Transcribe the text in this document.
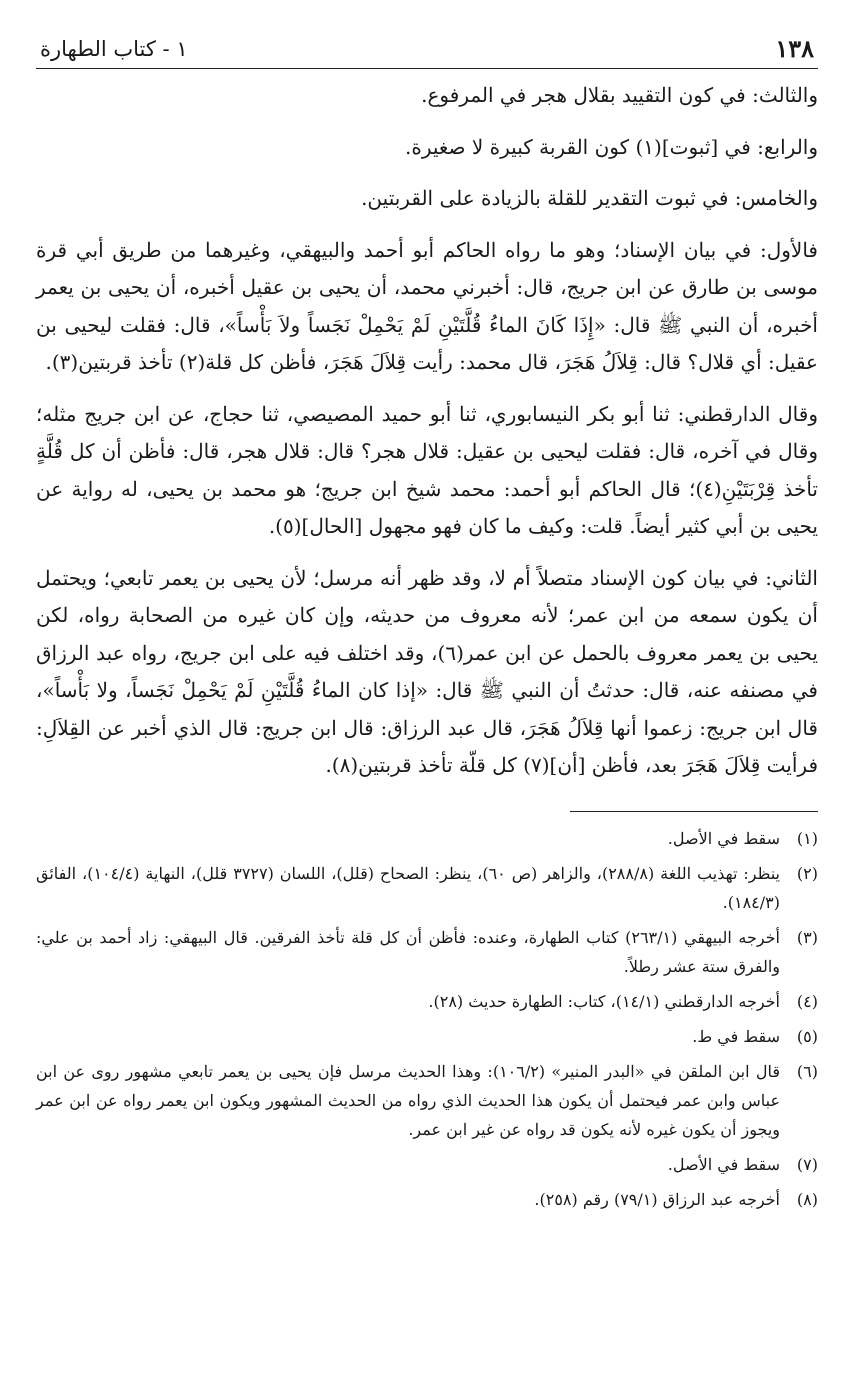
١٣٨
١ - كتاب الطهارة

والثالث: في كون التقييد بقلال هجر في المرفوع.

والرابع: في [ثبوت](١) كون القربة كبيرة لا صغيرة.

والخامس: في ثبوت التقدير للقلة بالزيادة على القربتين.

فالأول: في بيان الإسناد؛ وهو ما رواه الحاكم أبو أحمد والبيهقي، وغيرهما من طريق أبي قرة موسى بن طارق عن ابن جريج، قال: أخبرني محمد، أن يحيى بن عقيل أخبره، أن يحيى بن يعمر أخبره، أن النبي ﷺ قال: «إِذَا كَانَ الماءُ قُلَّتَيْنِ لَمْ يَحْمِلْ نَجَساً ولاَ بَأْساً»، قال: فقلت ليحيى بن عقيل: أي قلال؟ قال: قِلاَلُ هَجَرَ، قال محمد: رأيت قِلاَلَ هَجَرَ، فأظن كل قلة(٢) تأخذ قربتين(٣).

وقال الدارقطني: ثنا أبو بكر النيسابوري، ثنا أبو حميد المصيصي، ثنا حجاج، عن ابن جريج مثله؛ وقال في آخره، قال: فقلت ليحيى بن عقيل: قلال هجر؟ قال: قلال هجر، قال: فأظن أن كل قُلَّةٍ تأخذ قِرْبَتَيْنِ(٤)؛ قال الحاكم أبو أحمد: محمد شيخ ابن جريج؛ هو محمد بن يحيى، له رواية عن يحيى بن أبي كثير أيضاً. قلت: وكيف ما كان فهو مجهول [الحال](٥).

الثاني: في بيان كون الإسناد متصلاً أم لا، وقد ظهر أنه مرسل؛ لأن يحيى بن يعمر تابعي؛ ويحتمل أن يكون سمعه من ابن عمر؛ لأنه معروف من حديثه، وإن كان غيره من الصحابة رواه، لكن يحيى بن يعمر معروف بالحمل عن ابن عمر(٦)، وقد اختلف فيه على ابن جريج، رواه عبد الرزاق في مصنفه عنه، قال: حدثتُ أن النبي ﷺ قال: «إذا كان الماءُ قُلَّتَيْنِ لَمْ يَحْمِلْ نَجَساً، ولا بَأْساً»، قال ابن جريج: زعموا أنها قِلاَلُ هَجَرَ، قال عبد الرزاق: قال ابن جريج: قال الذي أخبر عن القِلاَلِ: فرأيت قِلاَلَ هَجَرَ بعد، فأظن [أن](٧) كل قلّة تأخذ قربتين(٨).

(١)
سقط في الأصل.
(٢)
ينظر: تهذيب اللغة (٢٨٨/٨)، والزاهر (ص ٦٠)، ينظر: الصحاح (قلل)، اللسان (٣٧٢٧ قلل)، النهاية (١٠٤/٤)، الفائق (١٨٤/٣).
(٣)
أخرجه البيهقي (٢٦٣/١) كتاب الطهارة، وعنده: فأظن أن كل قلة تأخذ الفرقين. قال البيهقي: زاد أحمد بن علي: والفرق ستة عشر رطلاً.
(٤)
أخرجه الدارقطني (١٤/١)، كتاب: الطهارة حديث (٢٨).
(٥)
سقط في ط.
(٦)
قال ابن الملقن في «البدر المنير» (١٠٦/٢): وهذا الحديث مرسل فإن يحيى بن يعمر تابعي مشهور روى عن ابن عباس وابن عمر فيحتمل أن يكون هذا الحديث الذي رواه من الحديث المشهور ويكون ابن يعمر رواه عن ابن عمر ويجوز أن يكون غيره لأنه يكون قد رواه عن غير ابن عمر.
(٧)
سقط في الأصل.
(٨)
أخرجه عبد الرزاق (٧٩/١) رقم (٢٥٨).
